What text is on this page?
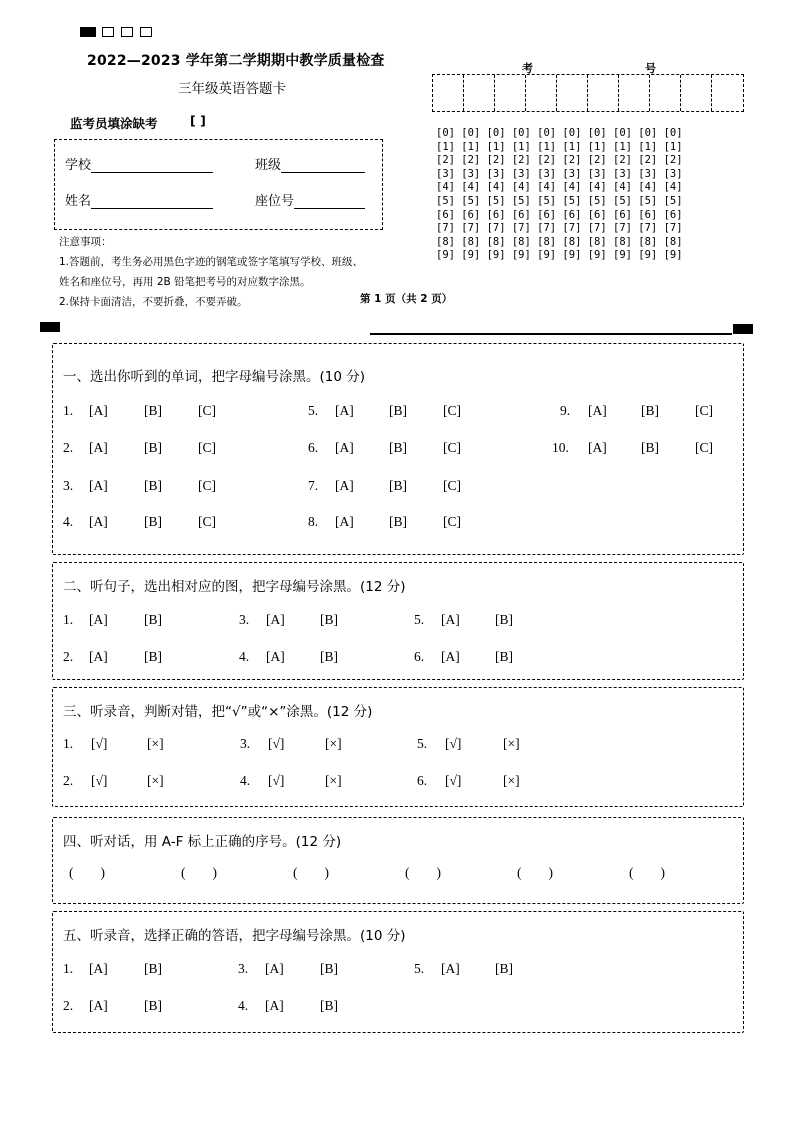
2022—2023 学年第二学期期中教学质量检查
三年级英语答题卡
监考员填涂缺考	[ ]
学校	班级
姓名	座位号
注意事项：
1.答题前，考生务必用黑色字迹的钢笔或签字笔填写学校、班级、
姓名和座位号，再用 2B 铅笔把考号的对应数字涂黑。
2.保持卡面清洁，不要折叠，不要弄破。
考	号
[0] [0] [0] [0] [0] [0] [0] [0] [0] [0]
[1] [1] [1] [1] [1] [1] [1] [1] [1] [1]
[2] [2] [2] [2] [2] [2] [2] [2] [2] [2]
[3] [3] [3] [3] [3] [3] [3] [3] [3] [3]
[4] [4] [4] [4] [4] [4] [4] [4] [4] [4]
[5] [5] [5] [5] [5] [5] [5] [5] [5] [5]
[6] [6] [6] [6] [6] [6] [6] [6] [6] [6]
[7] [7] [7] [7] [7] [7] [7] [7] [7] [7]
[8] [8] [8] [8] [8] [8] [8] [8] [8] [8]
[9] [9] [9] [9] [9] [9] [9] [9] [9] [9]
第 1 页（共 2 页）
一、选出你听到的单词，把字母编号涂黑。(10 分)
1. [A]	[B]	[C]
2. [A]	[B]	[C]
3. [A]	[B]	[C]
4. [A]	[B]	[C]
5. [A]	[B]	[C]
6. [A]	[B]	[C]
7. [A]	[B]	[C]
8. [A]	[B]	[C]
9. [A]	[B]	[C]
10. [A]	[B]	[C]
二、听句子，选出相对应的图，把字母编号涂黑。(12 分)
1. [A]	[B]
2. [A]	[B]
3. [A]	[B]
4. [A]	[B]
5. [A]	[B]
6. [A]	[B]
三、听录音，判断对错，把“√”或“×”涂黑。(12 分)
1. [√]	[×]
2. [√]	[×]
3. [√]	[×]
4. [√]	[×]
5. [√]	[×]
6. [√]	[×]
四、听对话，用 A-F 标上正确的序号。(12 分)
(        )	(        )	(        )	(        )	(        )	(        )
五、听录音，选择正确的答语，把字母编号涂黑。(10 分)
1. [A]	[B]
2. [A]	[B]
3. [A]	[B]
4. [A]	[B]
5. [A]	[B]
